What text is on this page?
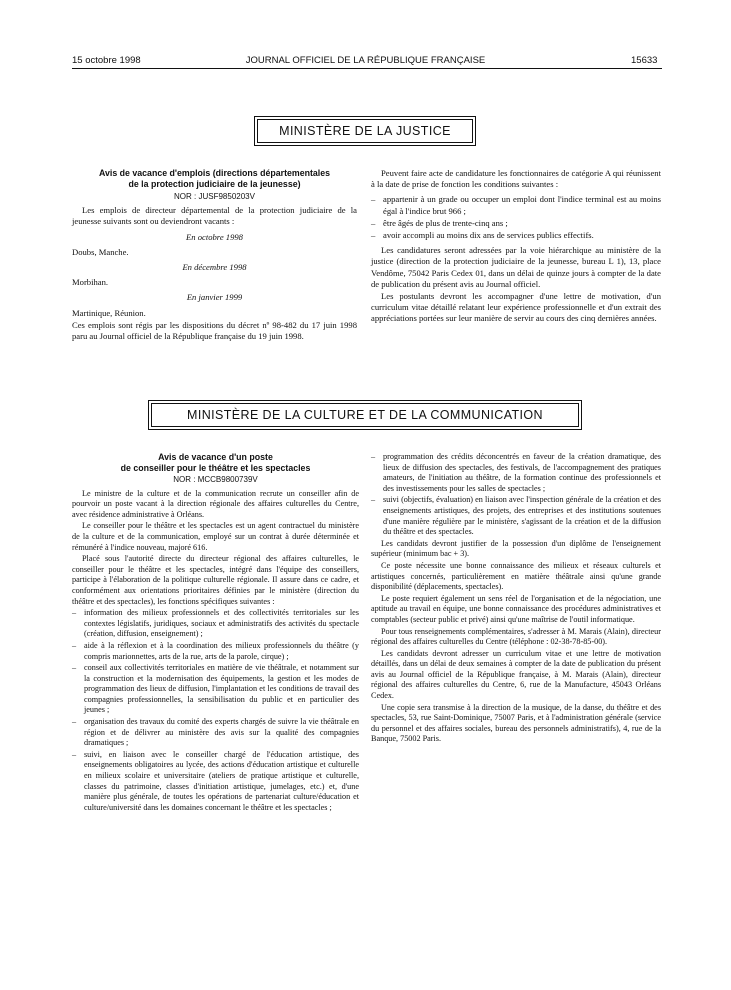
15 octobre 1998	JOURNAL OFFICIEL DE LA RÉPUBLIQUE FRANÇAISE	15633
MINISTÈRE DE LA JUSTICE
Avis de vacance d'emplois (directions départementales
de la protection judiciaire de la jeunesse)
NOR : JUSF9850203V

Les emplois de directeur départemental de la protection judiciaire de la jeunesse suivants sont ou deviendront vacants :

En octobre 1998

Doubs, Manche.

En décembre 1998

Morbihan.

En janvier 1999

Martinique, Réunion.

Ces emplois sont régis par les dispositions du décret nº 98-482 du 17 juin 1998 paru au Journal officiel de la République française du 19 juin 1998.

Peuvent faire acte de candidature les fonctionnaires de catégorie A qui réunissent à la date de prise de fonction les conditions suivantes :

– appartenir à un grade ou occuper un emploi dont l'indice terminal est au moins égal à l'indice brut 966 ;
– être âgés de plus de trente-cinq ans ;
– avoir accompli au moins dix ans de services publics effectifs.

Les candidatures seront adressées par la voie hiérarchique au ministère de la justice (direction de la protection judiciaire de la jeunesse, bureau L 1), 13, place Vendôme, 75042 Paris Cedex 01, dans un délai de quinze jours à compter de la date de publication du présent avis au Journal officiel.

Les postulants devront les accompagner d'une lettre de motivation, d'un curriculum vitae détaillé relatant leur expérience professionnelle et d'un extrait des appréciations portées sur leur manière de servir au cours des cinq dernières années.

MINISTÈRE DE LA CULTURE ET DE LA COMMUNICATION
Avis de vacance d'un poste
de conseiller pour le théâtre et les spectacles
NOR : MCCB9800739V

Le ministre de la culture et de la communication recrute un conseiller afin de pourvoir un poste vacant à la direction régionale des affaires culturelles du Centre, avec résidence administrative à Orléans.

Le conseiller pour le théâtre et les spectacles est un agent contractuel du ministère de la culture et de la communication, employé sur un contrat à durée déterminée et rémunéré à l'indice nouveau, majoré 616.

Placé sous l'autorité directe du directeur régional des affaires culturelles, le conseiller pour le théâtre et les spectacles, intégré dans l'équipe des conseillers, participe à l'élaboration de la politique culturelle régionale. Il assure dans ce cadre, et conformément aux orientations prioritaires définies par le ministère (direction du théâtre et des spectacles), les fonctions spécifiques suivantes :

– information des milieux professionnels et des collectivités territoriales sur les contextes législatifs, juridiques, sociaux et administratifs des activités du spectacle (création, diffusion, enseignement) ;
– aide à la réflexion et à la coordination des milieux professionnels du théâtre (y compris marionnettes, arts de la rue, arts de la parole, cirque) ;
– conseil aux collectivités territoriales en matière de vie théâtrale, et notamment sur la construction et la modernisation des équipements, la gestion et les modes de programmation des lieux de diffusion, l'implantation et les conditions de travail des compagnies professionnelles, la sensibilisation du public et en particulier des jeunes ;
– organisation des travaux du comité des experts chargés de suivre la vie théâtrale en région et de délivrer au ministère des avis sur la qualité des compagnies dramatiques ;
– suivi, en liaison avec le conseiller chargé de l'éducation artistique, des enseignements obligatoires au lycée, des actions d'éducation artistique et culturelle en milieux scolaire et universitaire (ateliers de pratique artistique et culturelle, classes du patrimoine, classes d'initiation artistique, jumelages, etc.) et, d'une manière plus générale, de toutes les opérations de partenariat culture/éducation et culture/université dans les domaines concernant le théâtre et les spectacles ;
– programmation des crédits déconcentrés en faveur de la création dramatique, des lieux de diffusion des spectacles, des festivals, de l'accompagnement des pratiques amateurs, de l'initiation au théâtre, de la formation continue des professionnels et des investissements pour les salles de spectacles ;
– suivi (objectifs, évaluation) en liaison avec l'inspection générale de la création et des enseignements artistiques, des projets, des entreprises et des institutions soutenues d'une manière régulière par le ministère, s'agissant de la création et de la diffusion du théâtre et des spectacles.

Les candidats devront justifier de la possession d'un diplôme de l'enseignement supérieur (minimum bac + 3).

Ce poste nécessite une bonne connaissance des milieux et réseaux culturels et artistiques concernés, particulièrement en matière théâtrale ainsi qu'une grande disponibilité (déplacements, spectacles).

Le poste requiert également un sens réel de l'organisation et de la négociation, une aptitude au travail en équipe, une bonne connaissance des procédures administratives et comptables (secteur public et privé) ainsi qu'une maîtrise de l'outil informatique.

Pour tous renseignements complémentaires, s'adresser à M. Marais (Alain), directeur régional des affaires culturelles du Centre (téléphone : 02-38-78-85-00).

Les candidats devront adresser un curriculum vitae et une lettre de motivation détaillés, dans un délai de deux semaines à compter de la date de publication du présent avis au Journal officiel de la République française, à M. Marais (Alain), directeur régional des affaires culturelles du Centre, 6, rue de la Manufacture, 45043 Orléans Cedex.

Une copie sera transmise à la direction de la musique, de la danse, du théâtre et des spectacles, 53, rue Saint-Dominique, 75007 Paris, et à l'administration générale (service du personnel et des affaires sociales, bureau des personnels administratifs), 4, rue de la Banque, 75002 Paris.
